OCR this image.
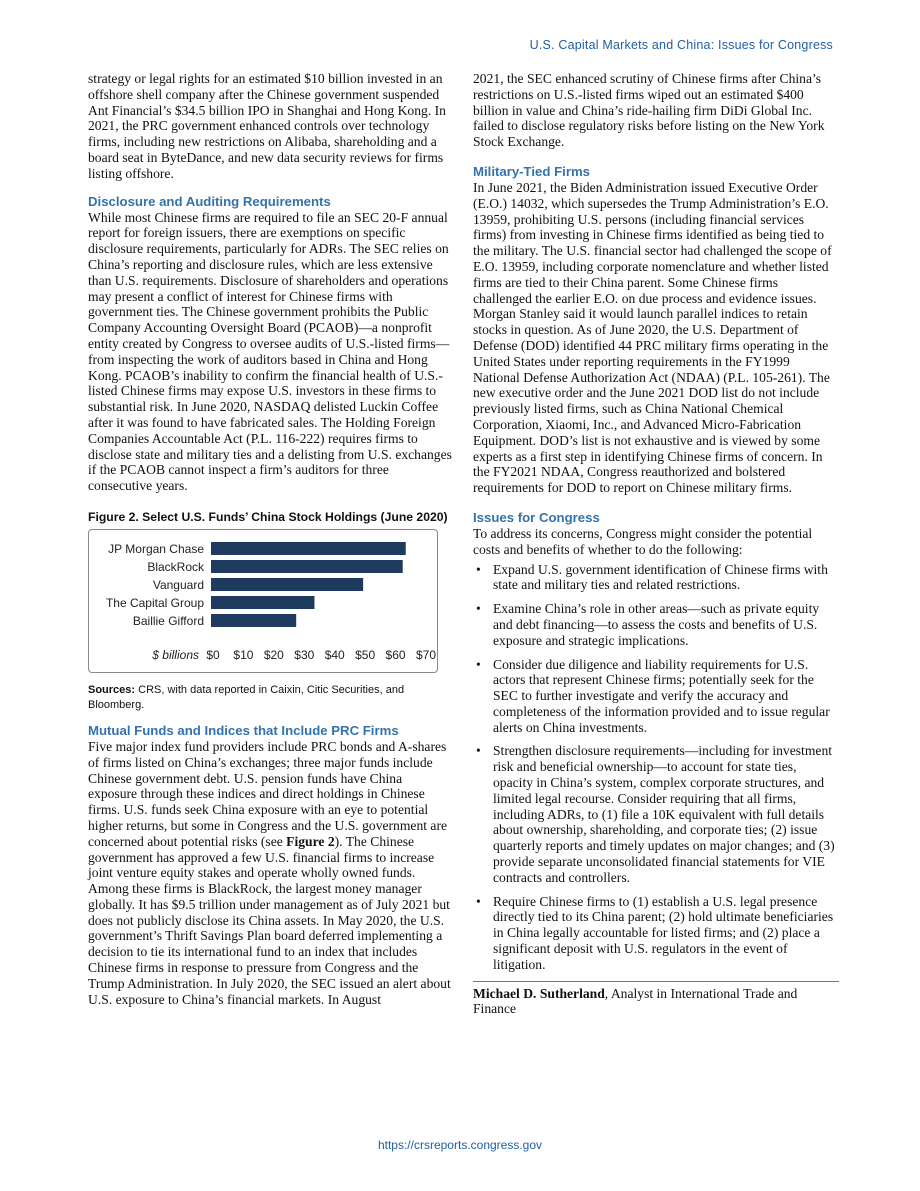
U.S. Capital Markets and China: Issues for Congress

strategy or legal rights for an estimated $10 billion invested in an offshore shell company after the Chinese government suspended Ant Financial’s $34.5 billion IPO in Shanghai and Hong Kong. In 2021, the PRC government enhanced controls over technology firms, including new restrictions on Alibaba, shareholding and a board seat in ByteDance, and new data security reviews for firms listing offshore.

Disclosure and Auditing Requirements

While most Chinese firms are required to file an SEC 20-F annual report for foreign issuers, there are exemptions on specific disclosure requirements, particularly for ADRs. The SEC relies on China’s reporting and disclosure rules, which are less extensive than U.S. requirements. Disclosure of shareholders and operations may present a conflict of interest for Chinese firms with government ties. The Chinese government prohibits the Public Company Accounting Oversight Board (PCAOB)—a nonprofit entity created by Congress to oversee audits of U.S.-listed firms—from inspecting the work of auditors based in China and Hong Kong. PCAOB’s inability to confirm the financial health of U.S.-listed Chinese firms may expose U.S. investors in these firms to substantial risk. In June 2020, NASDAQ delisted Luckin Coffee after it was found to have fabricated sales. The Holding Foreign Companies Accountable Act (P.L. 116-222) requires firms to disclose state and military ties and a delisting from U.S. exchanges if the PCAOB cannot inspect a firm’s auditors for three consecutive years.

Figure 2. Select U.S. Funds’ China Stock Holdings (June 2020)
JP Morgan Chase
BlackRock
Vanguard
The Capital Group
Baillie Gifford
$0 $10 $20 $30 $40 $50 $60 $70
$ billions
Sources: CRS, with data reported in Caixin, Citic Securities, and Bloomberg.
Mutual Funds and Indices that Include PRC Firms

Five major index fund providers include PRC bonds and A-shares of firms listed on China’s exchanges; three major funds include Chinese government debt. U.S. pension funds have China exposure through these indices and direct holdings in Chinese firms. U.S. funds seek China exposure with an eye to potential higher returns, but some in Congress and the U.S. government are concerned about potential risks (see Figure 2). The Chinese government has approved a few U.S. financial firms to increase joint venture equity stakes and operate wholly owned funds. Among these firms is BlackRock, the largest money manager globally. It has $9.5 trillion under management as of July 2021 but does not publicly disclose its China assets. In May 2020, the U.S. government’s Thrift Savings Plan board deferred implementing a decision to tie its international fund to an index that includes Chinese firms in response to pressure from Congress and the Trump Administration. In July 2020, the SEC issued an alert about U.S. exposure to China’s financial markets. In August

2021, the SEC enhanced scrutiny of Chinese firms after China’s restrictions on U.S.-listed firms wiped out an estimated $400 billion in value and China’s ride-hailing firm DiDi Global Inc. failed to disclose regulatory risks before listing on the New York Stock Exchange.

Military-Tied Firms

In June 2021, the Biden Administration issued Executive Order (E.O.) 14032, which supersedes the Trump Administration’s E.O. 13959, prohibiting U.S. persons (including financial services firms) from investing in Chinese firms identified as being tied to the military. The U.S. financial sector had challenged the scope of E.O. 13959, including corporate nomenclature and whether listed firms are tied to their China parent. Some Chinese firms challenged the earlier E.O. on due process and evidence issues. Morgan Stanley said it would launch parallel indices to retain stocks in question. As of June 2020, the U.S. Department of Defense (DOD) identified 44 PRC military firms operating in the United States under reporting requirements in the FY1999 National Defense Authorization Act (NDAA) (P.L. 105-261). The new executive order and the June 2021 DOD list do not include previously listed firms, such as China National Chemical Corporation, Xiaomi, Inc., and Advanced Micro-Fabrication Equipment. DOD’s list is not exhaustive and is viewed by some experts as a first step in identifying Chinese firms of concern. In the FY2021 NDAA, Congress reauthorized and bolstered requirements for DOD to report on Chinese military firms.

Issues for Congress

To address its concerns, Congress might consider the potential costs and benefits of whether to do the following:

• Expand U.S. government identification of Chinese firms with state and military ties and related restrictions.
• Examine China’s role in other areas—such as private equity and debt financing—to assess the costs and benefits of U.S. exposure and strategic implications.
• Consider due diligence and liability requirements for U.S. actors that represent Chinese firms; potentially seek for the SEC to further investigate and verify the accuracy and completeness of the information provided and to issue regular alerts on China investments.
• Strengthen disclosure requirements—including for investment risk and beneficial ownership—to account for state ties, opacity in China’s system, complex corporate structures, and limited legal recourse. Consider requiring that all firms, including ADRs, to (1) file a 10K equivalent with full details about ownership, shareholding, and corporate ties; (2) issue quarterly reports and timely updates on major changes; and (3) provide separate unconsolidated financial statements for VIE contracts and controllers.
• Require Chinese firms to (1) establish a U.S. legal presence directly tied to its China parent; (2) hold ultimate beneficiaries in China legally accountable for listed firms; and (2) place a significant deposit with U.S. regulators in the event of litigation.

Michael D. Sutherland, Analyst in International Trade and Finance

https://crsreports.congress.gov
